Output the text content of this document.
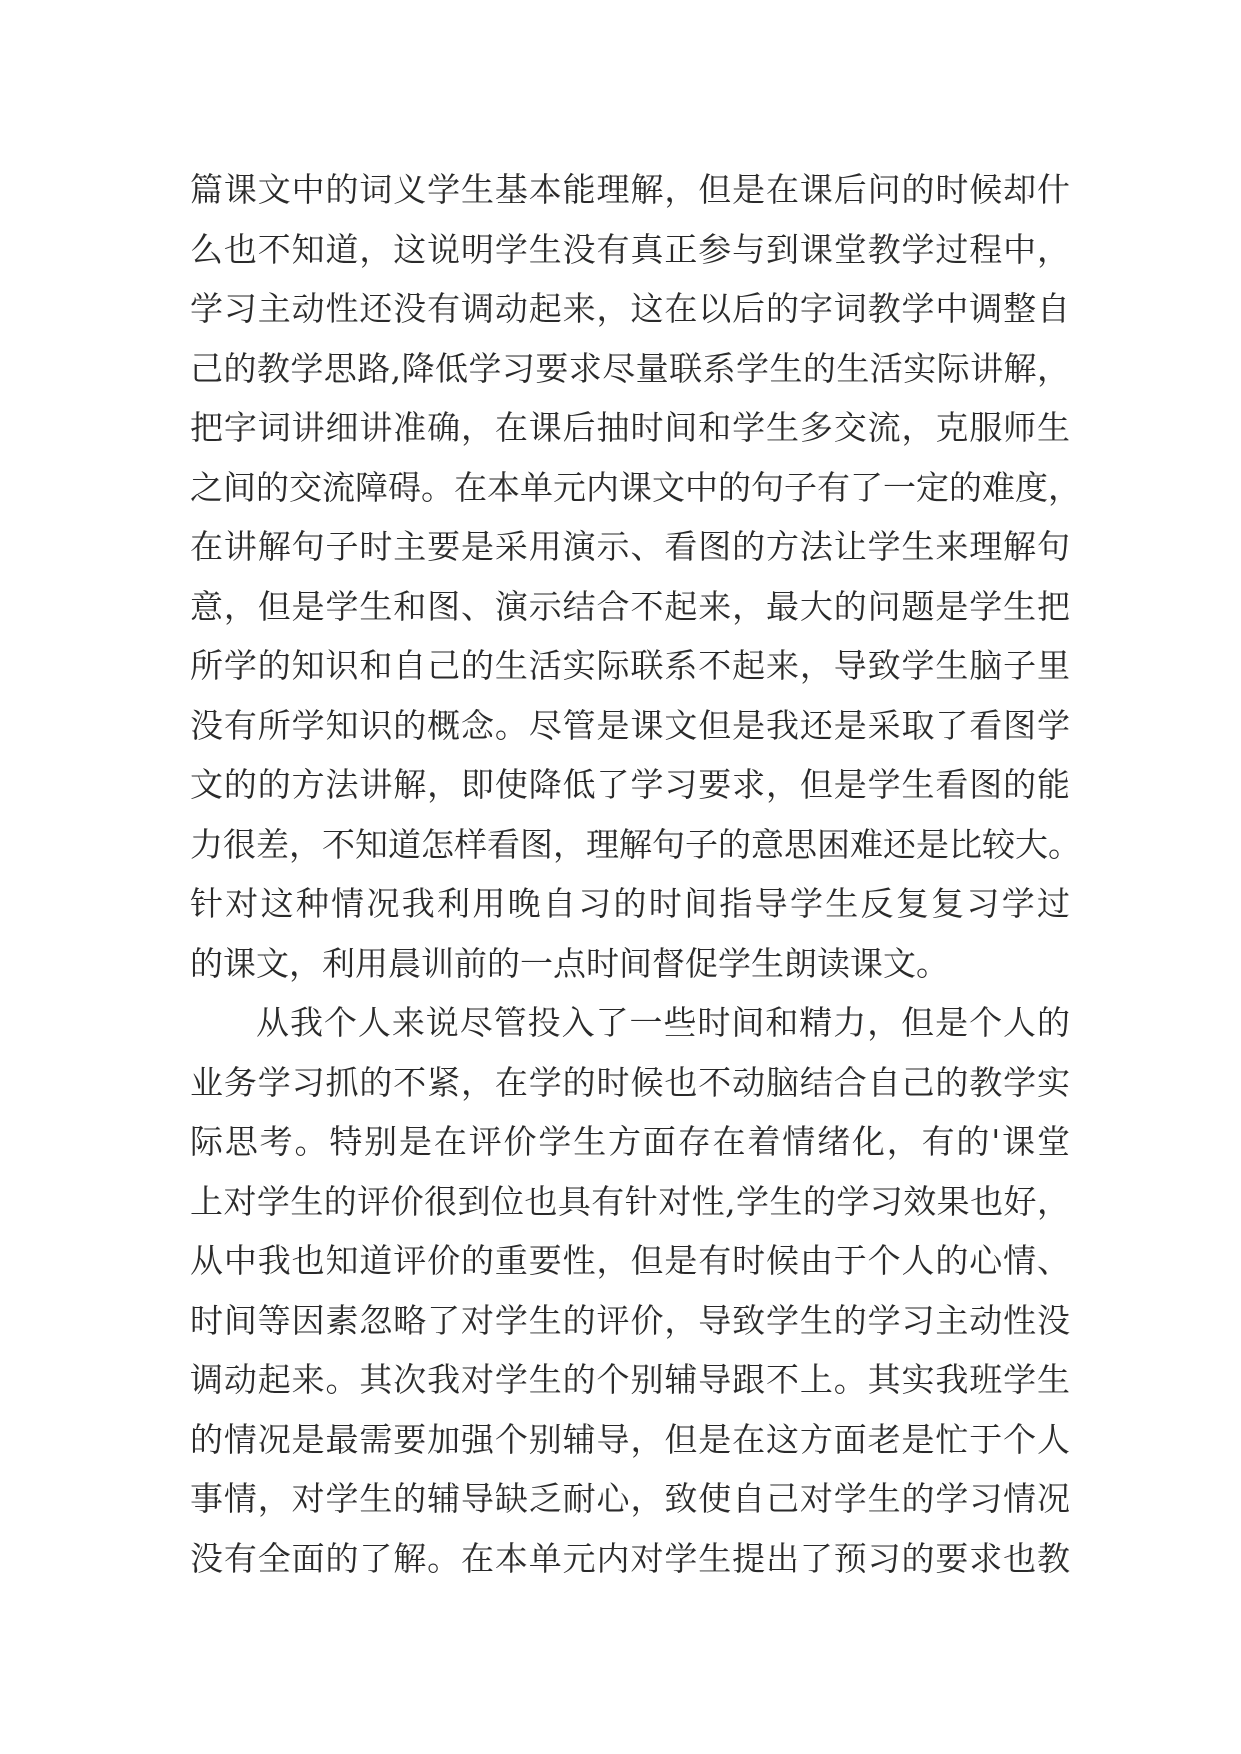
篇课文中的词义学生基本能理解，但是在课后问的时候却什
么也不知道，这说明学生没有真正参与到课堂教学过程中，
学习主动性还没有调动起来，这在以后的字词教学中调整自
己的教学思路,降低学习要求尽量联系学生的生活实际讲解，
把字词讲细讲准确，在课后抽时间和学生多交流，克服师生
之间的交流障碍。在本单元内课文中的句子有了一定的难度，
在讲解句子时主要是采用演示、看图的方法让学生来理解句
意，但是学生和图、演示结合不起来，最大的问题是学生把
所学的知识和自己的生活实际联系不起来，导致学生脑子里
没有所学知识的概念。尽管是课文但是我还是采取了看图学
文的的方法讲解，即使降低了学习要求，但是学生看图的能
力很差，不知道怎样看图，理解句子的意思困难还是比较大。
针对这种情况我利用晚自习的时间指导学生反复复习学过
的课文，利用晨训前的一点时间督促学生朗读课文。
从我个人来说尽管投入了一些时间和精力，但是个人的
业务学习抓的不紧，在学的时候也不动脑结合自己的教学实
际思考。特别是在评价学生方面存在着情绪化，有的'课堂
上对学生的评价很到位也具有针对性,学生的学习效果也好，
从中我也知道评价的重要性，但是有时候由于个人的心情、
时间等因素忽略了对学生的评价，导致学生的学习主动性没
调动起来。其次我对学生的个别辅导跟不上。其实我班学生
的情况是最需要加强个别辅导，但是在这方面老是忙于个人
事情，对学生的辅导缺乏耐心，致使自己对学生的学习情况
没有全面的了解。在本单元内对学生提出了预习的要求也教
